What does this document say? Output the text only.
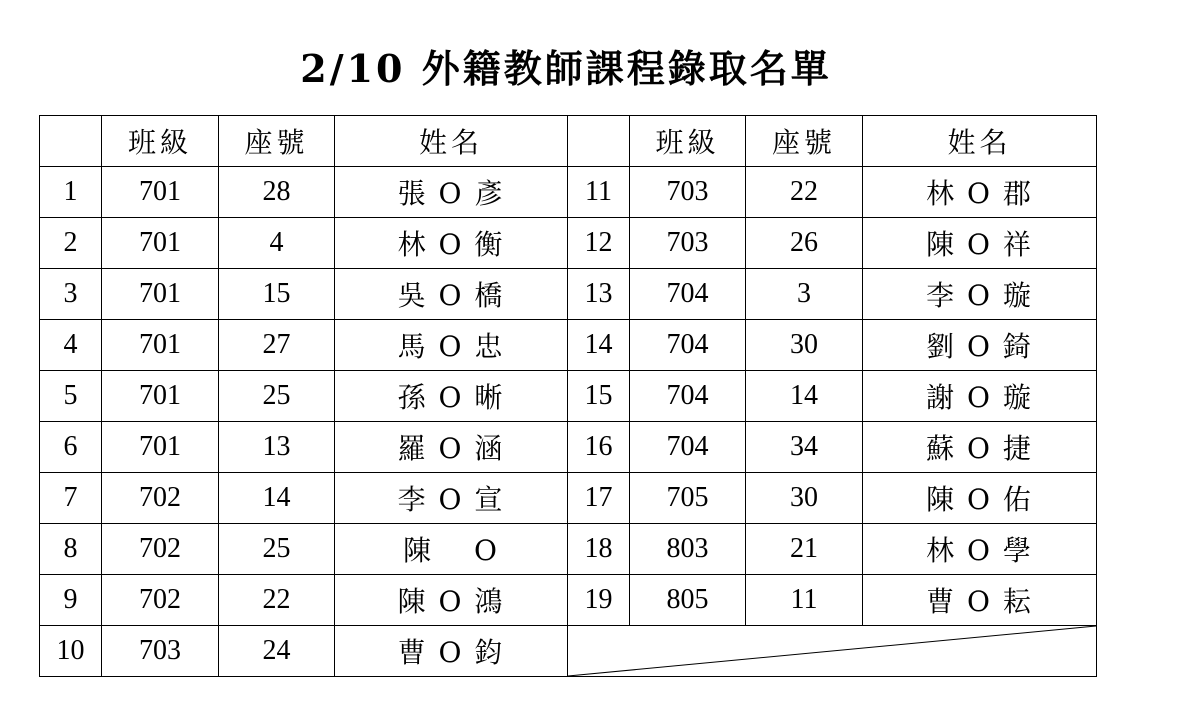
2/10 外籍教師課程錄取名單
	班級	座號	姓名		班級	座號	姓名
1	701	28	張 O 彥	11	703	22	林 O 郡
2	701	4	林 O 衡	12	703	26	陳 O 祥
3	701	15	吳 O 橋	13	704	3	李 O 璇
4	701	27	馬 O 忠	14	704	30	劉 O 錡
5	701	25	孫 O 晰	15	704	14	謝 O 璇
6	701	13	羅 O 涵	16	704	34	蘇 O 捷
7	702	14	李 O 宣	17	705	30	陳 O 佑
8	702	25	陳　 O	18	803	21	林 O 學
9	702	22	陳 O 鴻	19	805	11	曹 O 耘
10	703	24	曹 O 鈞	
